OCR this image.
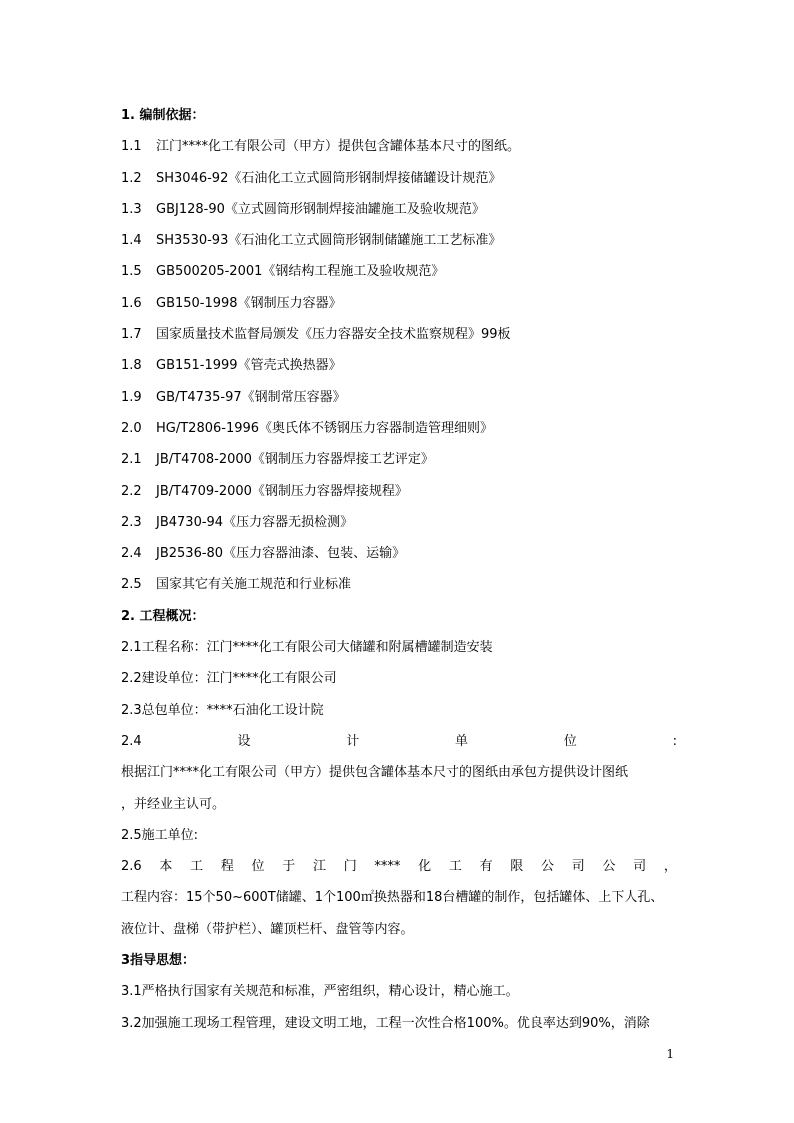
1. 编制依据：
1.1 江门****化工有限公司（甲方）提供包含罐体基本尺寸的图纸。
1.2 SH3046-92《石油化工立式圆筒形钢制焊接储罐设计规范》
1.3 GBJ128-90《立式圆筒形钢制焊接油罐施工及验收规范》
1.4 SH3530-93《石油化工立式圆筒形钢制储罐施工工艺标准》
1.5 GB500205-2001《钢结构工程施工及验收规范》
1.6 GB150-1998《钢制压力容器》
1.7 国家质量技术监督局颁发《压力容器安全技术监察规程》99板
1.8 GB151-1999《管壳式换热器》
1.9 GB/T4735-97《钢制常压容器》
2.0 HG/T2806-1996《奥氏体不锈钢压力容器制造管理细则》
2.1 JB/T4708-2000《钢制压力容器焊接工艺评定》
2.2 JB/T4709-2000《钢制压力容器焊接规程》
2.3 JB4730-94《压力容器无损检测》
2.4 JB2536-80《压力容器油漆、包装、运输》
2.5 国家其它有关施工规范和行业标准
2. 工程概况：
2.1工程名称：江门****化工有限公司大储罐和附属槽罐制造安装
2.2建设单位：江门****化工有限公司
2.3总包单位：****石油化工设计院
2.4	设	计	单	位	:
根据江门****化工有限公司（甲方）提供包含罐体基本尺寸的图纸由承包方提供设计图纸
，并经业主认可。
2.5施工单位:
2.6 本 工 程 位 于 江 门 **** 化 工 有 限 公 司 公 司 ，
工程内容：15个50~600T储罐、1个100㎡换热器和18台槽罐的制作，包括罐体、上下人孔、
液位计、盘梯（带护栏）、罐顶栏杆、盘管等内容。
3指导思想：
3.1严格执行国家有关规范和标准，严密组织，精心设计，精心施工。
3.2加强施工现场工程管理，建设文明工地，工程一次性合格100%。优良率达到90%，消除
1
